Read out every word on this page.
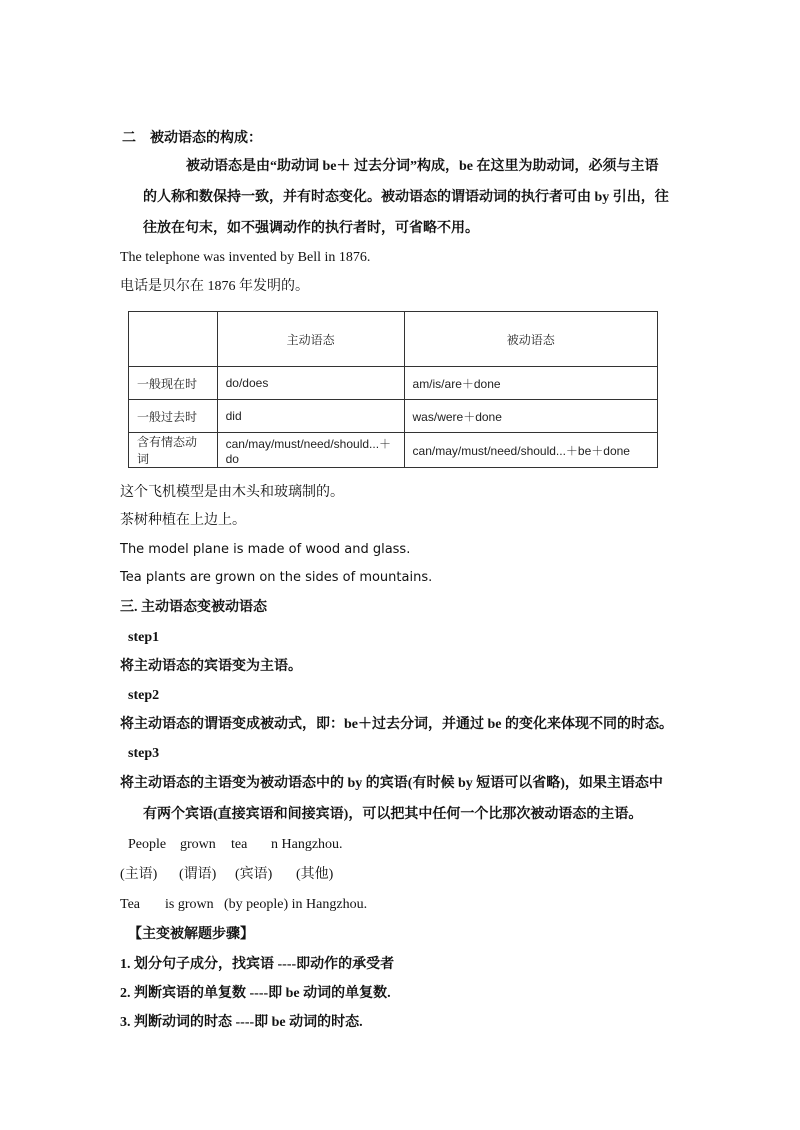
二 被动语态的构成：
被动语态是由“助动词 be＋ 过去分词”构成，be 在这里为助动词，必须与主语
的人称和数保持一致，并有时态变化。被动语态的谓语动词的执行者可由 by 引出，往
往放在句末，如不强调动作的执行者时，可省略不用。
The telephone was invented by Bell in 1876.
电话是贝尔在 1876 年发明的。
	主动语态	被动语态
一般现在时	do/does	am/is/are＋done
一般过去时	did	was/were＋done
含有情态动词	can/may/must/need/should...＋do	can/may/must/need/should...＋be＋done
这个飞机模型是由木头和玻璃制的。
茶树种植在上边上。
The model plane is made of wood and glass.
Tea plants are grown on the sides of mountains.
三. 主动语态变被动语态
step1
将主动语态的宾语变为主语。
step2
将主动语态的谓语变成被动式，即：be＋过去分词，并通过 be 的变化来体现不同的时态。
step3
将主动语态的主语变为被动语态中的 by 的宾语(有时候 by 短语可以省略)，如果主语态中
有两个宾语(直接宾语和间接宾语)，可以把其中任何一个比那次被动语态的主语。
People grown tea n Hangzhou.
(主语) (谓语) (宾语) (其他)
Tea is grown (by people) in Hangzhou.
【主变被解题步骤】
1. 划分句子成分，找宾语 ----即动作的承受者
2. 判断宾语的单复数 ----即 be 动词的单复数.
3. 判断动词的时态 ----即 be 动词的时态.
